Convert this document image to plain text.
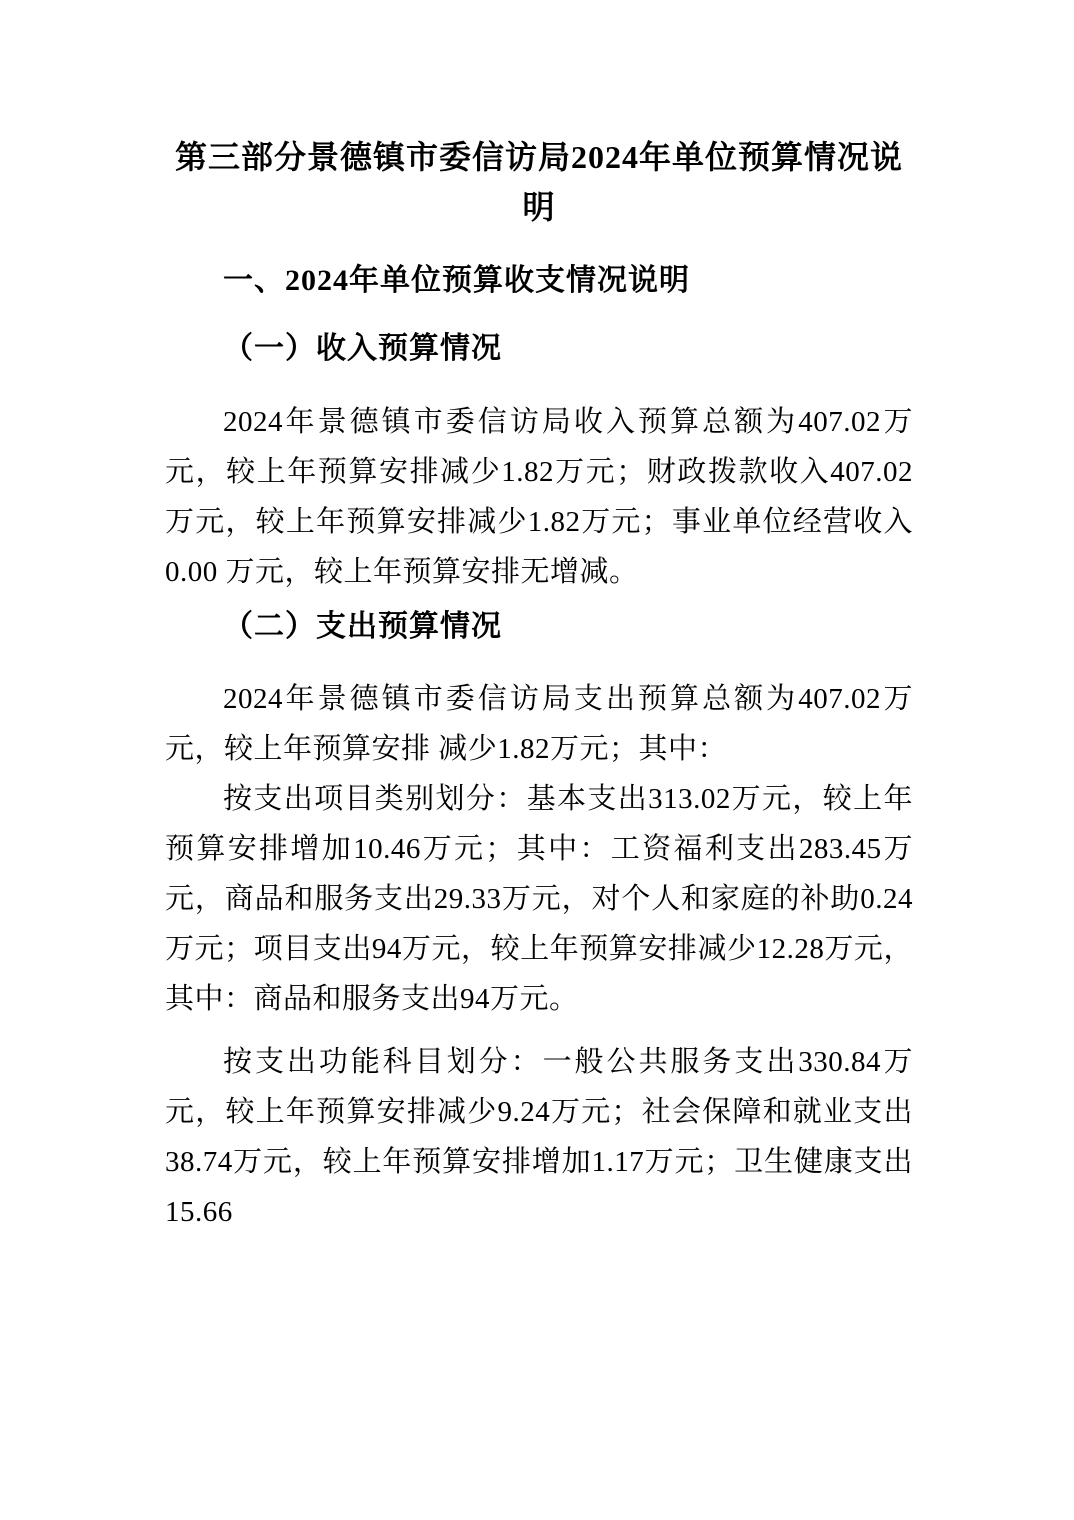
第三部分景德镇市委信访局2024年单位预算情况说明
一、2024年单位预算收支情况说明
（一）收入预算情况

2024年景德镇市委信访局收入预算总额为407.02万元，较上年预算安排减少1.82万元；财政拨款收入407.02万元，较上年预算安排减少1.82万元；事业单位经营收入0.00 万元，较上年预算安排无增减。

（二）支出预算情况

2024年景德镇市委信访局支出预算总额为407.02万元，较上年预算安排 减少1.82万元；其中：

按支出项目类别划分：基本支出313.02万元，较上年预算安排增加10.46万元；其中：工资福利支出283.45万元，商品和服务支出29.33万元，对个人和家庭的补助0.24万元；项目支出94万元，较上年预算安排减少12.28万元，其中：商品和服务支出94万元。

按支出功能科目划分：一般公共服务支出330.84万元，较上年预算安排减少9.24万元；社会保障和就业支出38.74万元，较上年预算安排增加1.17万元；卫生健康支出15.66
